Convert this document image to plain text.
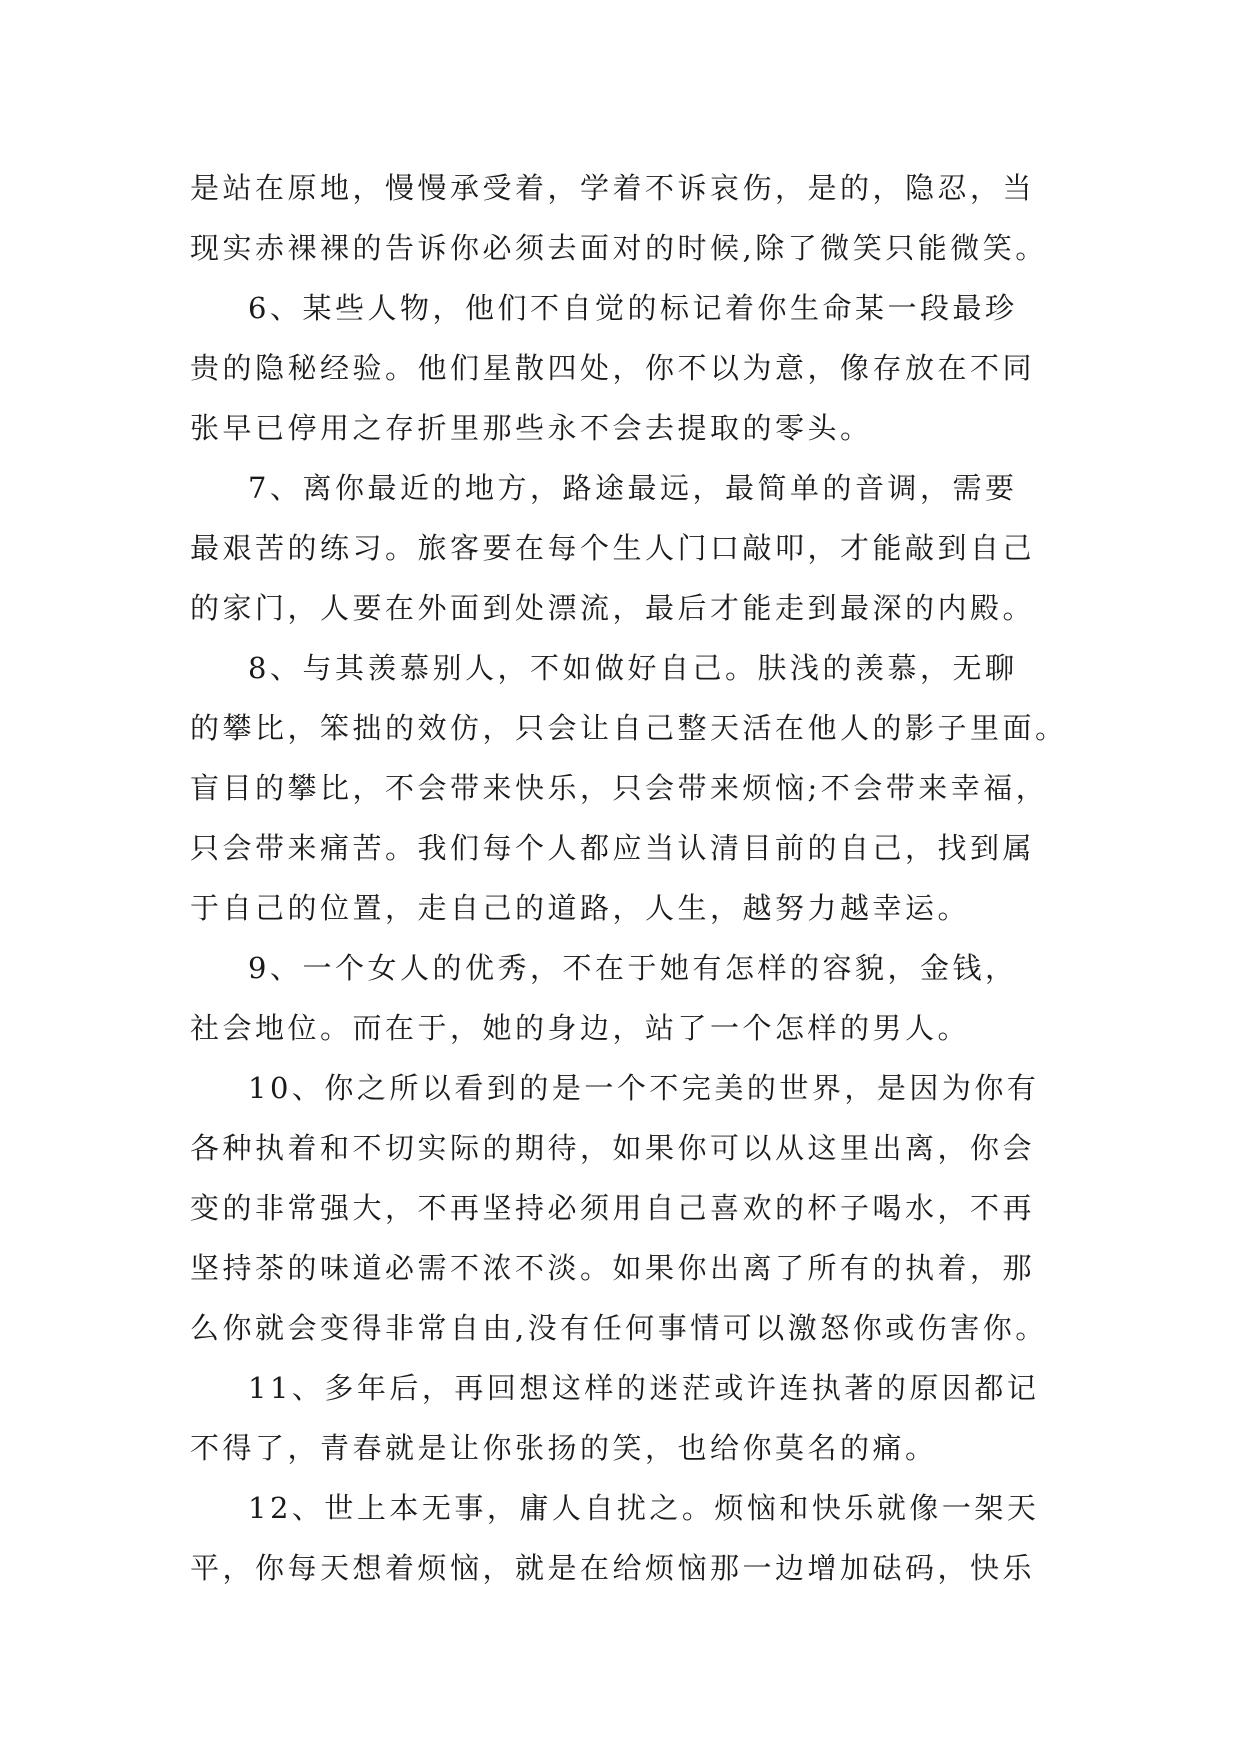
是站在原地，慢慢承受着，学着不诉哀伤，是的，隐忍，当
现实赤裸裸的告诉你必须去面对的时候,除了微笑只能微笑。
6、某些人物，他们不自觉的标记着你生命某一段最珍
贵的隐秘经验。他们星散四处，你不以为意，像存放在不同
张早已停用之存折里那些永不会去提取的零头。
7、离你最近的地方，路途最远，最简单的音调，需要
最艰苦的练习。旅客要在每个生人门口敲叩，才能敲到自己
的家门，人要在外面到处漂流，最后才能走到最深的内殿。
8、与其羡慕别人，不如做好自己。肤浅的羡慕，无聊
的攀比，笨拙的效仿，只会让自己整天活在他人的影子里面。
盲目的攀比，不会带来快乐，只会带来烦恼;不会带来幸福，
只会带来痛苦。我们每个人都应当认清目前的自己，找到属
于自己的位置，走自己的道路，人生，越努力越幸运。
9、一个女人的优秀，不在于她有怎样的容貌，金钱，
社会地位。而在于，她的身边，站了一个怎样的男人。
10、你之所以看到的是一个不完美的世界，是因为你有
各种执着和不切实际的期待，如果你可以从这里出离，你会
变的非常强大，不再坚持必须用自己喜欢的杯子喝水，不再
坚持茶的味道必需不浓不淡。如果你出离了所有的执着，那
么你就会变得非常自由,没有任何事情可以激怒你或伤害你。
11、多年后，再回想这样的迷茫或许连执著的原因都记
不得了，青春就是让你张扬的笑，也给你莫名的痛。
12、世上本无事，庸人自扰之。烦恼和快乐就像一架天
平，你每天想着烦恼，就是在给烦恼那一边增加砝码，快乐
